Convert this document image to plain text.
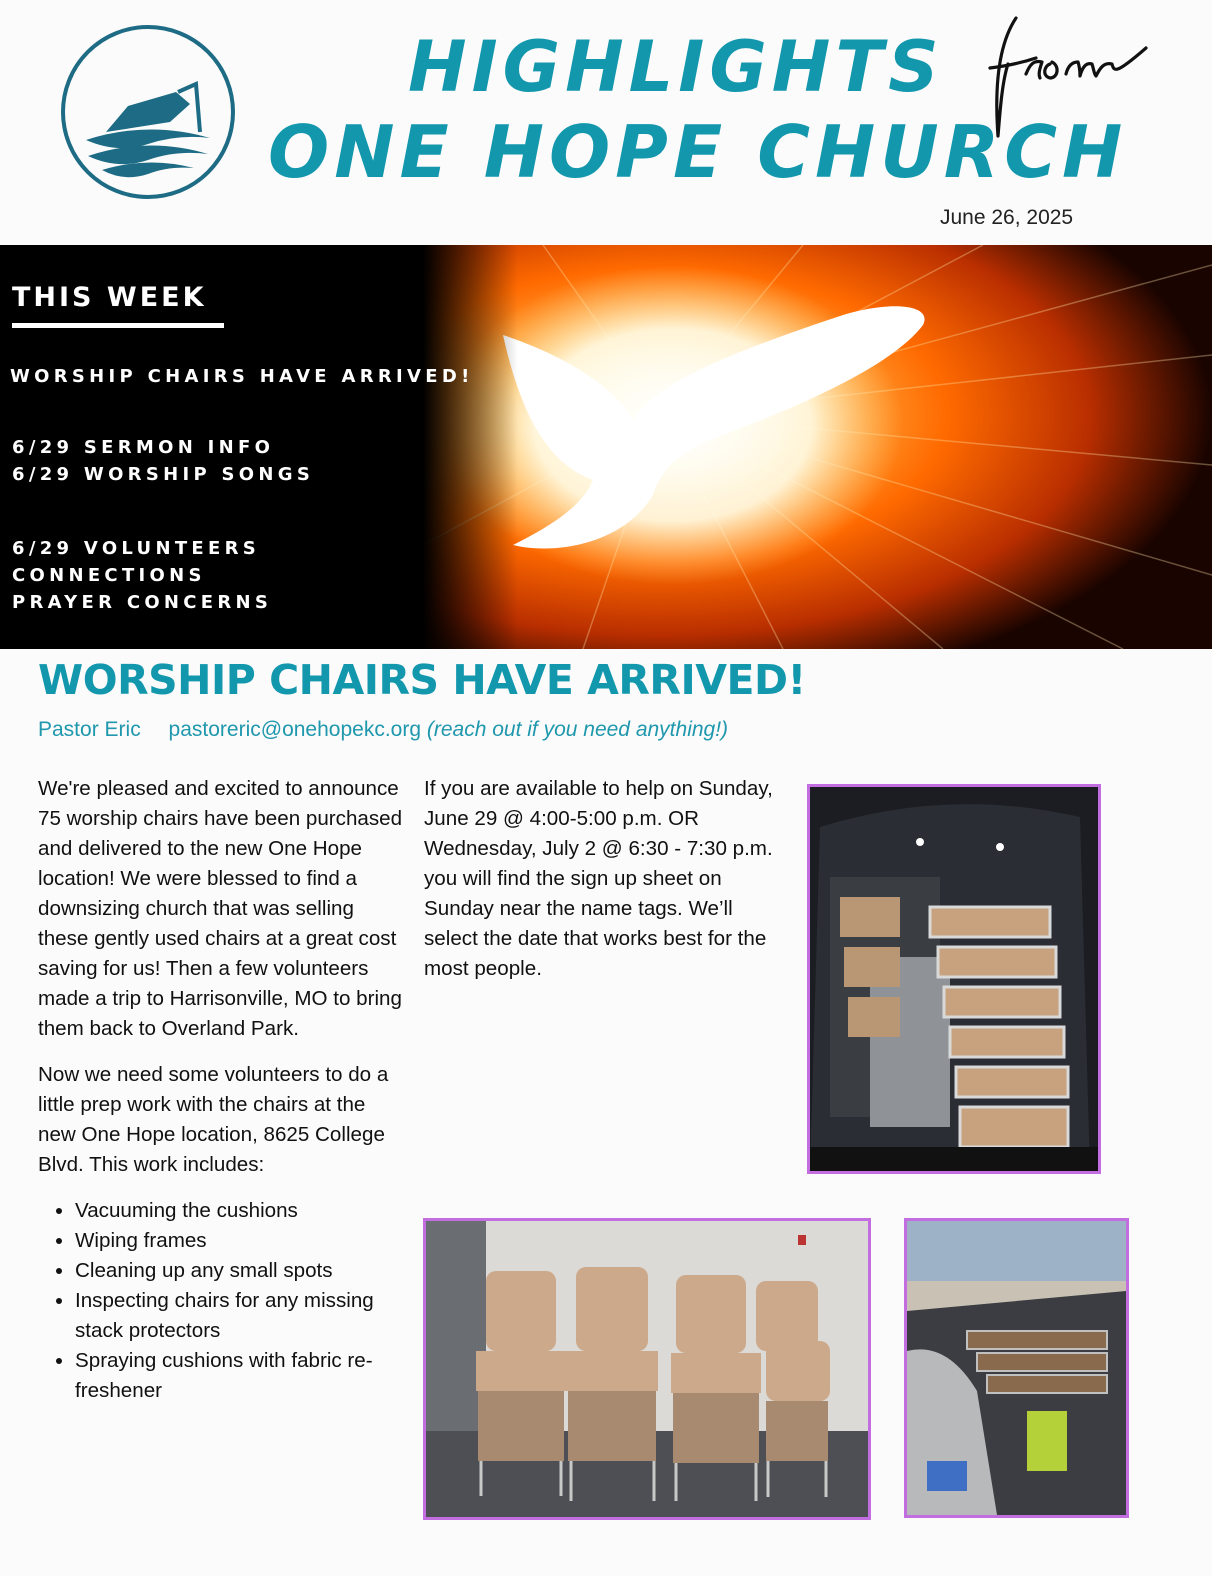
HIGHLIGHTS
ONE HOPE CHURCH
from
June 26, 2025
THIS WEEK
WORSHIP CHAIRS HAVE ARRIVED!
6/29 SERMON INFO
6/29 WORSHIP SONGS
6/29 VOLUNTEERS
CONNECTIONS
PRAYER CONCERNS
WORSHIP CHAIRS HAVE ARRIVED!
Pastor Eric pastoreric@onehopekc.org (reach out if you need anything!)

We're pleased and excited to announce 75 worship chairs have been purchased and delivered to the new One Hope location! We were blessed to find a downsizing church that was selling these gently used chairs at a great cost saving for us! Then a few volunteers made a trip to Harrisonville, MO to bring them back to Overland Park.

Now we need some volunteers to do a little prep work with the chairs at the new One Hope location, 8625 College Blvd. This work includes:

• Vacuuming the cushions
• Wiping frames
• Cleaning up any small spots
• Inspecting chairs for any missing stack protectors
• Spraying cushions with fabric re-freshener

If you are available to help on Sunday, June 29 @ 4:00-5:00 p.m. OR Wednesday, July 2 @ 6:30 - 7:30 p.m. you will find the sign up sheet on Sunday near the name tags. We’ll select the date that works best for the most people.
